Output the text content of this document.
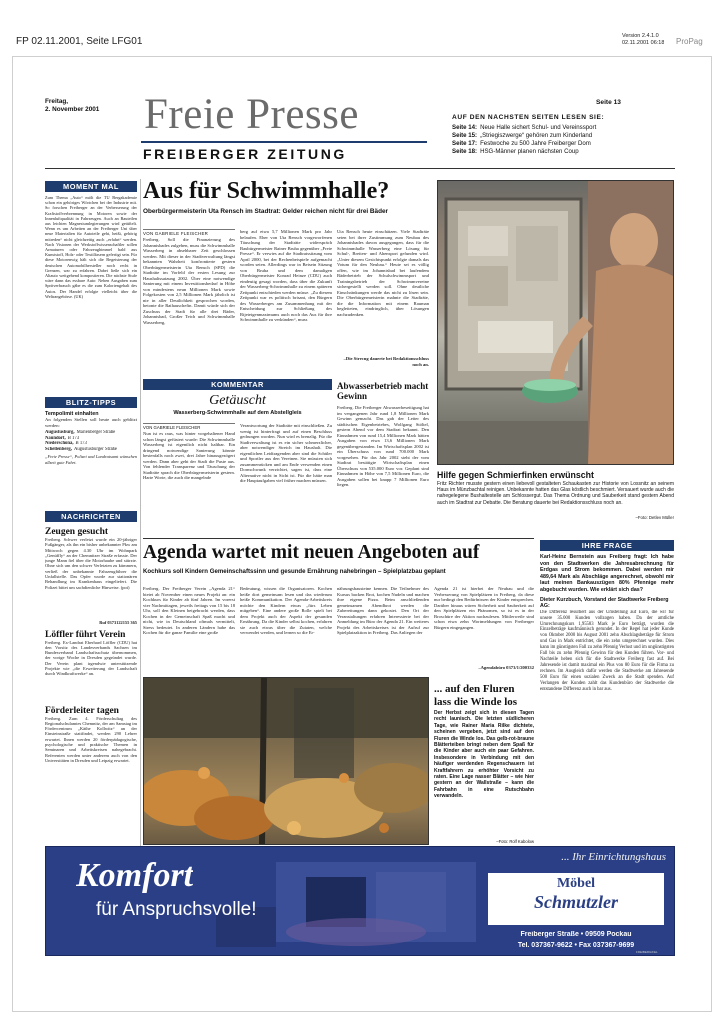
FP 02.11.2001, Seite LFG01	Version 2.4.1.0
02.11.2001 06:18 ProPag
Freitag,
2. November 2001	Freie Presse
FREIBERGER ZEITUNG
Seite 13
AUF DEN NÄCHSTEN SEITEN LESEN SIE:
Seite 14: Neue Halle sichert Schul- und Vereinssport
Seite 15: „Striegiszwerge“ gehören zum Kinderland
Seite 17: Festwoche zu 500 Jahre Freiberger Dom
Seite 18: HSG-Männer planen nächsten Coup
MOMENT MAL
Zum Thema „Auto“ mölt die TU Bergakademie schon ein gehöriges Wörtchen bei der Industrie mit. So forschen Freiberger an der Verbesserung der Kraftstoffverbrennung in Motoren sowie der Innenluftqualität in Fahrzeugen. Auch an Bauteilen aus leichten Magnesiumlegierungen wird getüftelt. Wenn es um Arbeiten an der Freiberger Uni über neue Materialien für Autoteile geht, heißt, gehörig mitreden“ nicht gleichzeitig auch „erfahrt“ werden. Nach Visionen der Werkstoffwissenschaftler sollen Armaturen oder Fahrzeughimmel bald aus Kunststoff, Holz- oder Textilfasern gefertigt sein. Für diese Motorenwig hält sich die Begeisterung der deutschen Automobilhersteller noch recht in Grenzen, war zu erfahren. Dabei ließe sich ein Altauto weitgehend kompostieren. Die nächste Stufe wäre dann das essbare Auto: Neben Ausgaben zum Spritverbrauch gäbe es die zum Kaloriengehalt des Autos. Der Handel erfolgte vielleicht über die Weltrangebörse. (UK)
BLITZ-TIPPS
Tempolimit einhalten
An folgenden Stellen soll heute auch geblitzt werden:
Augustusburg, Marienberger Straße
Naundorf, B 173
Niederschöna, B 173
Schellenberg, Augustusburger Straße
„Freie Presse“, Polizei und Landratsamt wünschen allzeit gute Fahrt.
NACHRICHTEN
Zeugen gesucht
Freiberg. Schwer verletzt wurde ein 20-jähriger Fußgänger, als ihn ein bisher unbekannter Pkw am Mittwoch gegen 4.30 Uhr im Wohnpark „Genüffly“ an der Chemnitzer Straße erfasste. Der junge Mann fiel über die Motorhaube und stürzte. Ohne sich um den schwer Verletzten zu kümmern, verließ der unbekannte Fahrzeugführer die Unfallstelle. Das Opfer wurde zur stationären Behandlung im Krankenhaus eingeliefert. Die Polizei bittet um sachdienliche Hinweise. (poi)
Ruf 0373122155 365
Löffler führt Verein
Freiberg. Ex-Landrat Eberhard Löffler (CDU) hat den Vorsitz des Landesverbands Sachsen im Bundesverband Landschaftsschutz übernommen, der vorige Woche in Dresden gegründet wurde. Der Verein plant irgendwie unterstützende Projekte wie „die Erweiterung der Landschaft durch Windkraftwerke“ an.
Förderleiter tagen
Freiberg. Zum 4. Förderschultag des Regionalschulamtes Chemnitz, der am Samstag im Fördercentrum „Käthe Kollwitz“ an der Einsteinstraße stattfindet, werden 290 Lehrer erwartet. Ihnen werden 20 förderpädagogische, psychologische und praktische Themen in Seminaren und Arbeitskreisen nahegebracht. Referenten werden unter anderem auch von den Universitäten in Dresden und Leipzig erwartet.
Aus für Schwimmhalle?
Oberbürgermeisterin Uta Rensch im Stadtrat: Gelder reichen nicht für drei Bäder
VON GABRIELE FLEISCHER
Freiberg. Soll die Finanzierung des Johannisbades zulgehen, muss die Schwimmhalle Wasserberg in absehbarer Zeit geschlossen werden. Mit dieser in der Stadtverwaltung längst bekannten Wahrheit konfrontierte gestern Oberbürgermeisterin Uta Rensch (SPD) die Stadträte im Vorfeld der ersten Lesung zur Haushaltssatzung 2002. Über eine notwendige Sanierung mit einem Investitionsbedarf in Höhe von mindestens neun Millionen Mark sowie Folgekosten von 2,5 Millionen Mark jährlich ist nie in aller Deutlichkeit gesprochen worden, betonte die Rathauschefin. Damit würde sich der Zuschuss der Stadt für alle drei Bäder, Johannisbad, Großer Teich und Schwimmhalle Wasserberg,
berg auf etwa 5,7 Millionen Mark pro Jahr belaufen. Eher von Uta Rensch vorgeworfenen Täuschung der Stadträte widerspräch Baubürgermeister Rainer Bruha gegenüber „Freie Presse“. Er verwies auf die Stadtratssitzung vom April 2000, bei der Rechenbeispiele aufgemacht worden seien. Allerdings war in Beisein Sitzung von Bruha und dem damaligen Oberbürgermeister Konrad Heinze (CDU) auch eindeutig gesagt worden, dass über die Zukunft der Wasserberg-Schwimmhalle zu einem späteren Zeitpunkt entschieden werden müsse. „Zu diesem Zeitpunkt war es politisch brisant, den Bürgern des Wasserberges am Zusammenhang mit der Entscheidung zur Schließung des Rijeteigenmaximums auch noch das Aus für ihre Schwimmhalle zu verkünden“, muss
Uta Rensch heute einschätzen. Viele Stadträte seien bei ihrer Zustimmung zum Neubau des Johannisbades davon ausgegangen, dass für die Schwimmhalle Wasserberg eine Lösung für Schul-, Breiten- und Ahensport gefunden wird. „Unter diesem Gesichtspunkt erfolgte damals das Votum für den Neubau.“ Heute sei es völlig offen, wie im Johannisbad bei laufendem Bäderbetrieb der Schulschwimmsport und Trainingsbetrieb der Schwimmvereine sichergestellt werden soll. Ohne deutliche Einschränkungen werde das nicht zu lösen sein. Die Oberbürgermeisterin mahnte die Stadträte, die die Information mit einem Rauman begleiteten, eindringlich, über Lösungen nachzudenken.
–Die Strecng dauerte bei Redaktionsschluss noch an.
KOMMENTAR
Getäuscht
Wasserberg-Schwimmhalle auf dem Abstellgleis
VON GABRIELE FLEISCHER
Nun ist es raus, was hinter vorgehaltener Hand schon längst gefüstert wurde: Die Schwimmhalle Wasserberg ist eigentlich nicht haltbar. Ein dringend notwendige Sanierung könnte bestenfalls noch zwei, drei Jahre hinausgezögert werden. Dann aber geht der Stadt die Puste aus. Von fehlender Transparenz und Täuschung der Stadträte sprach die Oberbürgermeisterin gestern. Harte Worte, die auch die mangelnde
Verantwortung der Stadträte mit einschließen. Zu wenig ist hinterfragt und auf einen Beschluss gedrungen worden. Nun wird es brenzlig. Für die Stadtverwaltung ist es ein sicher schmerzlicher, aber notwendiger Streich im Haushalt. Die eigentlichen Leidtragenden aber sind die Schüler und Sportler aus den Vereinen. Sie müssten sich zusammenrücken und am Ende verwenden einen Dornschwunk verzichtet, sagen ist, dass eine Alternative nicht in Sicht ist. Für die hätte man die Hauptaufgaben viel früher machen müssen.
Abwasserbetrieb macht Gewinn
Freiberg. Die Freiberger Abwasserbeseitigung hat im vergangenen Jahr rund 1,8 Millionen Mark Gewinn gemacht. Das gab der Leiter des städtischen Eigenbetriebes, Wolfgang Stöltel, gestern Abend vor dem Stadtrat bekannt. Den Einnahmen von rund 15,4 Millionen Mark hätten Ausgaben von etwa 13,6 Millionen Mark gegenübergestanden. Im Wirtschaftsplan 2002 ist ein Überschuss von rund 700.000 Mark vorgesehen. Für das Jahr 2002 steht der vom Stadtrat bestätigte Wirtschaftsplan einen Überschuss von 535.000 Euro vor. Geplant sind Einnahmen in Höhe von 7,5 Millionen Euro, die Ausgaben sollen bei knapp 7 Millionen Euro liegen.
Hilfe gegen Schmierfinken erwünscht
Fritz Richter musste gestern einen liebevoll gestalteten Schaukasten zur Historie von Lossnitz an seinem Haus im Münzbachtal reinigen. Unbekannte hatten das Glas köstlich beschmiert. Versauert wurde auch die nahegelegene Bushaltestelle am Schlossergut. Das Thema Ordnung und Sauberkeit stand gestern Abend auch im Stadtrat zur Debatte. Die Beratung dauerte bei Redaktionsschluss noch an.
–Foto: Detlev Müller
Agenda wartet mit neuen Angeboten auf
Kochkurs soll Kindern Gemeinschaftssinn und gesunde Ernährung nahebringen – Spielplatzbau geplant
Freiberg. Der Freiberger Verein „Agenda 21“ bietet ab November einen neues Projekt an: ein Kochkurs für Kinder ab fünf Jahren. Im vorerst vier Nachmittagen, jeweils freitags von 15 bis 18 Uhr, soll den Kleinen beigebracht werden, dass Kochen in der Gemeinschaft Spaß macht und nicht, wie in Deutschland oftmals vermittelt, Stress bedeutet. In anderen Ländern habe das Kochen für die ganze Familie eine große
Bedeutung, wissen die Organisatoren. Kochen heiße dort gemeinsam lesen und das wiederum heiße Kommunikation. Der Agenda-Arbeitskreis möchte den Kindern etwas „fürs Leben mitgeben“. Eine andere große Rolle spielt bei dem Projekt auch der Aspekt der gesunden Ernährung. Da die Kinder selbst kochen, erfahren sie auch etwas über die Zutaten, welche verwendet werden, und lernen so die Er-
nährungsbausteine kennen. Die Teilnehmer des Kursus backen Brot, kochen Nudeln und machen ihre eigene Pizza. Beim anschließenden gemeinsamen Abendbrot werden die Zubereitungen dann gekostet. Den Ort der Veranstaltungen erfahren Interessierte bei der Anmeldung im Büro der Agenda 21. Ein weiteres Projekt des Arbeitskreises ist der Aufruf zur Spielplatzaktion in Freiberg. Das Anliegen der
Agenda 21 ist hierbei der Neubau und die Verbesserung von Spielplätzen in Freiberg, da diese nur bedingt den Bedürfnissen der Kinder entsprechen. Darüber hinaus wären Sicherheit und Sauberkeit auf den Spielplätzen ein Phänomen, so ist es in der Broschüre der Aktion nachzulesen. Mittlerweile sind schon etwa zehn Wortmeldungen von Freiberger Bürgern eingegangen.
–Agendabüro 0373/1/200332
... auf den Fluren lass die Winde los
Der Herbst zeigt sich in diesen Tagen recht launisch. Die letzten südlicheren Tage, wie Rainer Maria Rilke dichtete, scheinen vergeben, jetzt sind auf den Fluren die Winde los. Das gelb-rot-braune Blätterteiben bringt neben dem Spaß für die Kinder aber auch ein paar Gefahren. Insbesondere in Verbindung mit den häufiger werdenden Regenschauern ist Kraftfahrern zu erhöhter Vorsicht zu raten. Eine Lage nasser Blätter – wie hier gestern an der Wallstraße – kann die Fahrbahn in eine Rutschbahn verwandeln.
–Foto: Rolf Kabolow
IHRE FRAGE
Karl-Heinz Bernstein aus Freiberg fragt: Ich habe von den Stadtwerken die Jahresabrechnung für Erdgas und Strom bekommen. Dabei werden mir 489,64 Mark als Abschläge angerechnet, obwohl mir laut meinen Bankauszügen 80% Pfennige mehr abgebucht wurden. Wie erklärt sich das?
Dieter Kurzbuch, Vorstand der Stadtwerke Freiberg AG:
Die Differenz resultiert aus der Umstellung auf Euro, die wir für unsere 35.000 Kunden vollzogen haben. Da der amtliche Umrechnungskurs 1,95583 Mark je Euro beträgt, wurden die Einzelbeträge kaufmännisch gerundet. In der Regel hat jeder Kunde von Oktober 2000 bis August 2001 zehn Abschlagsbeträge für Strom und Gas in Mark entrichtet, die ein zehn umgerechnet wurden. Dies kann im günstigsten Fall zu zehn Pfennig Verlust und im ungünstigsten Fall bis zu zehn Pfennig Gewinn für den Kunden führen. Vor- und Nachteile heben sich für die Stadtwerke Freiberg fast auf. Bei Jahresende ist damit maximal ein Plus von 80 Euro für die Firma zu rechnen. Im Ausgleich dafür werden die Stadtwerke am Jahresende 500 Euro für einen sozialen Zweck an die Stadt spenden. Auf Verlangen der Kunden zahlt das Kundenbüro der Stadtwerke die entstandene Differenz auch in bar aus.
... Ihr Einrichtungshaus
Komfort
für Anspruchsvolle!
Möbel
Schmutzler
Freiberger Straße • 09509 Pockau
Tel. 037367-9622 • Fax 037367-9699
FREIBERG/FEL
